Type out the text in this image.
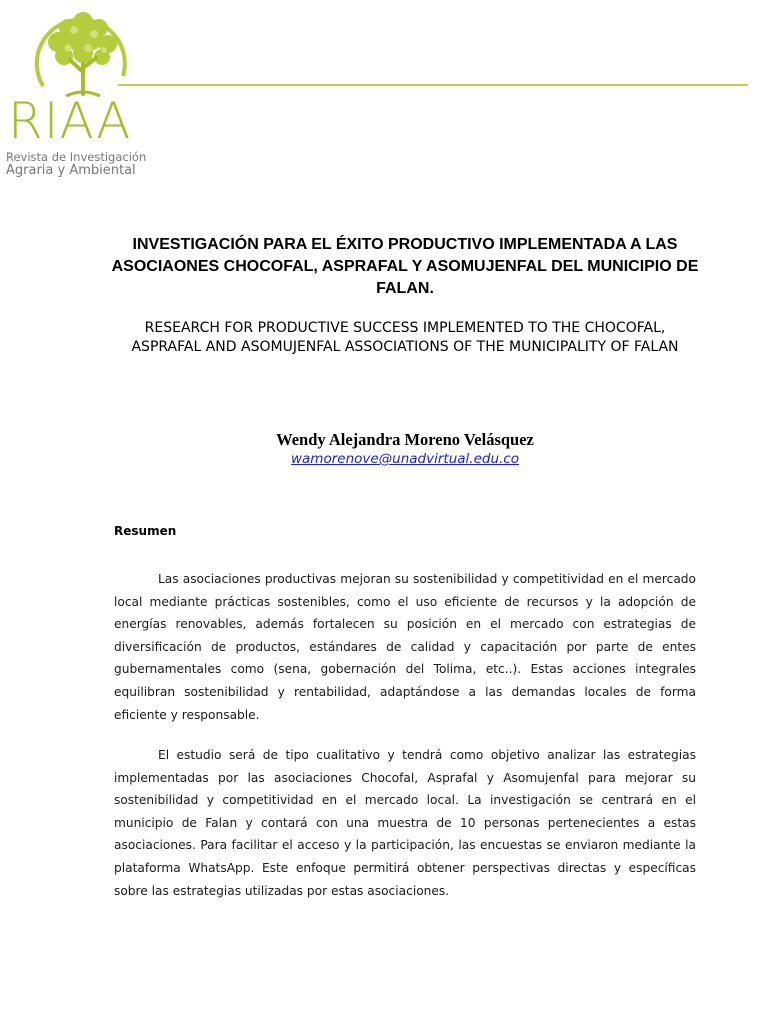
RIAA
Revista de Investigación
Agraria y Ambiental
INVESTIGACIÓN PARA EL ÉXITO PRODUCTIVO IMPLEMENTADA A LAS ASOCIAONES CHOCOFAL, ASPRAFAL Y ASOMUJENFAL DEL MUNICIPIO DE FALAN.
RESEARCH FOR PRODUCTIVE SUCCESS IMPLEMENTED TO THE CHOCOFAL, ASPRAFAL AND ASOMUJENFAL ASSOCIATIONS OF THE MUNICIPALITY OF FALAN
Wendy Alejandra Moreno Velásquez
wamorenove@unadvirtual.edu.co
Resumen

Las asociaciones productivas mejoran su sostenibilidad y competitividad en el mercado local mediante prácticas sostenibles, como el uso eficiente de recursos y la adopción de energías renovables, además fortalecen su posición en el mercado con estrategias de diversificación de productos, estándares de calidad y capacitación por parte de entes gubernamentales como (sena, gobernación del Tolima, etc..). Estas acciones integrales equilibran sostenibilidad y rentabilidad, adaptándose a las demandas locales de forma eficiente y responsable.

El estudio será de tipo cualitativo y tendrá como objetivo analizar las estrategias implementadas por las asociaciones Chocofal, Asprafal y Asomujenfal para mejorar su sostenibilidad y competitividad en el mercado local. La investigación se centrará en el municipio de Falan y contará con una muestra de 10 personas pertenecientes a estas asociaciones. Para facilitar el acceso y la participación, las encuestas se enviaron mediante la plataforma WhatsApp. Este enfoque permitirá obtener perspectivas directas y específicas sobre las estrategias utilizadas por estas asociaciones.
